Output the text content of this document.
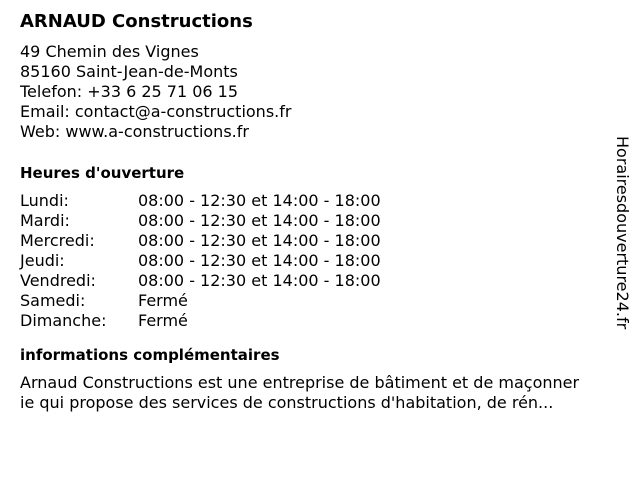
ARNAUD Constructions
49 Chemin des Vignes
85160 Saint-Jean-de-Monts
Telefon: +33 6 25 71 06 15
Email: contact@a-constructions.fr
Web: www.a-constructions.fr
Heures d'ouverture
Lundi:	08:00 - 12:30 et 14:00 - 18:00
Mardi:	08:00 - 12:30 et 14:00 - 18:00
Mercredi:	08:00 - 12:30 et 14:00 - 18:00
Jeudi:	08:00 - 12:30 et 14:00 - 18:00
Vendredi:	08:00 - 12:30 et 14:00 - 18:00
Samedi:	Fermé
Dimanche:	Fermé
informations complémentaires

Arnaud Constructions est une entreprise de bâtiment et de maçonner
ie qui propose des services de constructions d'habitation, de rén...

Horairesdouverture24.fr
